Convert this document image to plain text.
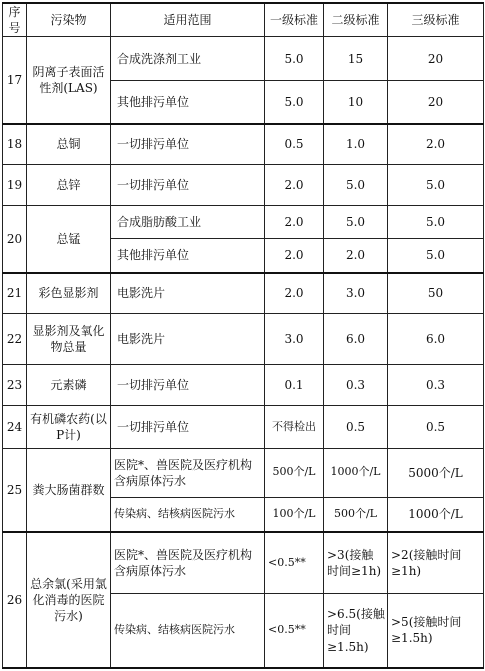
序号	污染物	适用范围	一级标准	二级标准	三级标准
17	阴离子表面活性剂(LAS)	合成洗涤剂工业	5.0	15	20
		其他排污单位	5.0	10	20
18	总铜	一切排污单位	0.5	1.0	2.0
19	总锌	一切排污单位	2.0	5.0	5.0
20	总锰	合成脂肪酸工业	2.0	5.0	5.0
		其他排污单位	2.0	2.0	5.0
21	彩色显影剂	电影洗片	2.0	3.0	50
22	显影剂及氧化物总量	电影洗片	3.0	6.0	6.0
23	元素磷	一切排污单位	0.1	0.3	0.3
24	有机磷农药(以P计)	一切排污单位	不得检出	0.5	0.5
25	粪大肠菌群数	医院*、兽医院及医疗机构含病原体污水	500个/L	1000个/L	5000个/L
		传染病、结核病医院污水	100个/L	500个/L	1000个/L
26	总余氯(采用氯化消毒的医院污水)	医院*、兽医院及医疗机构含病原体污水	<0.5**	>3(接触时间≥1h)	>2(接触时间≥1h)
		传染病、结核病医院污水	<0.5**	>6.5(接触时间≥1.5h)	>5(接触时间≥1.5h)
